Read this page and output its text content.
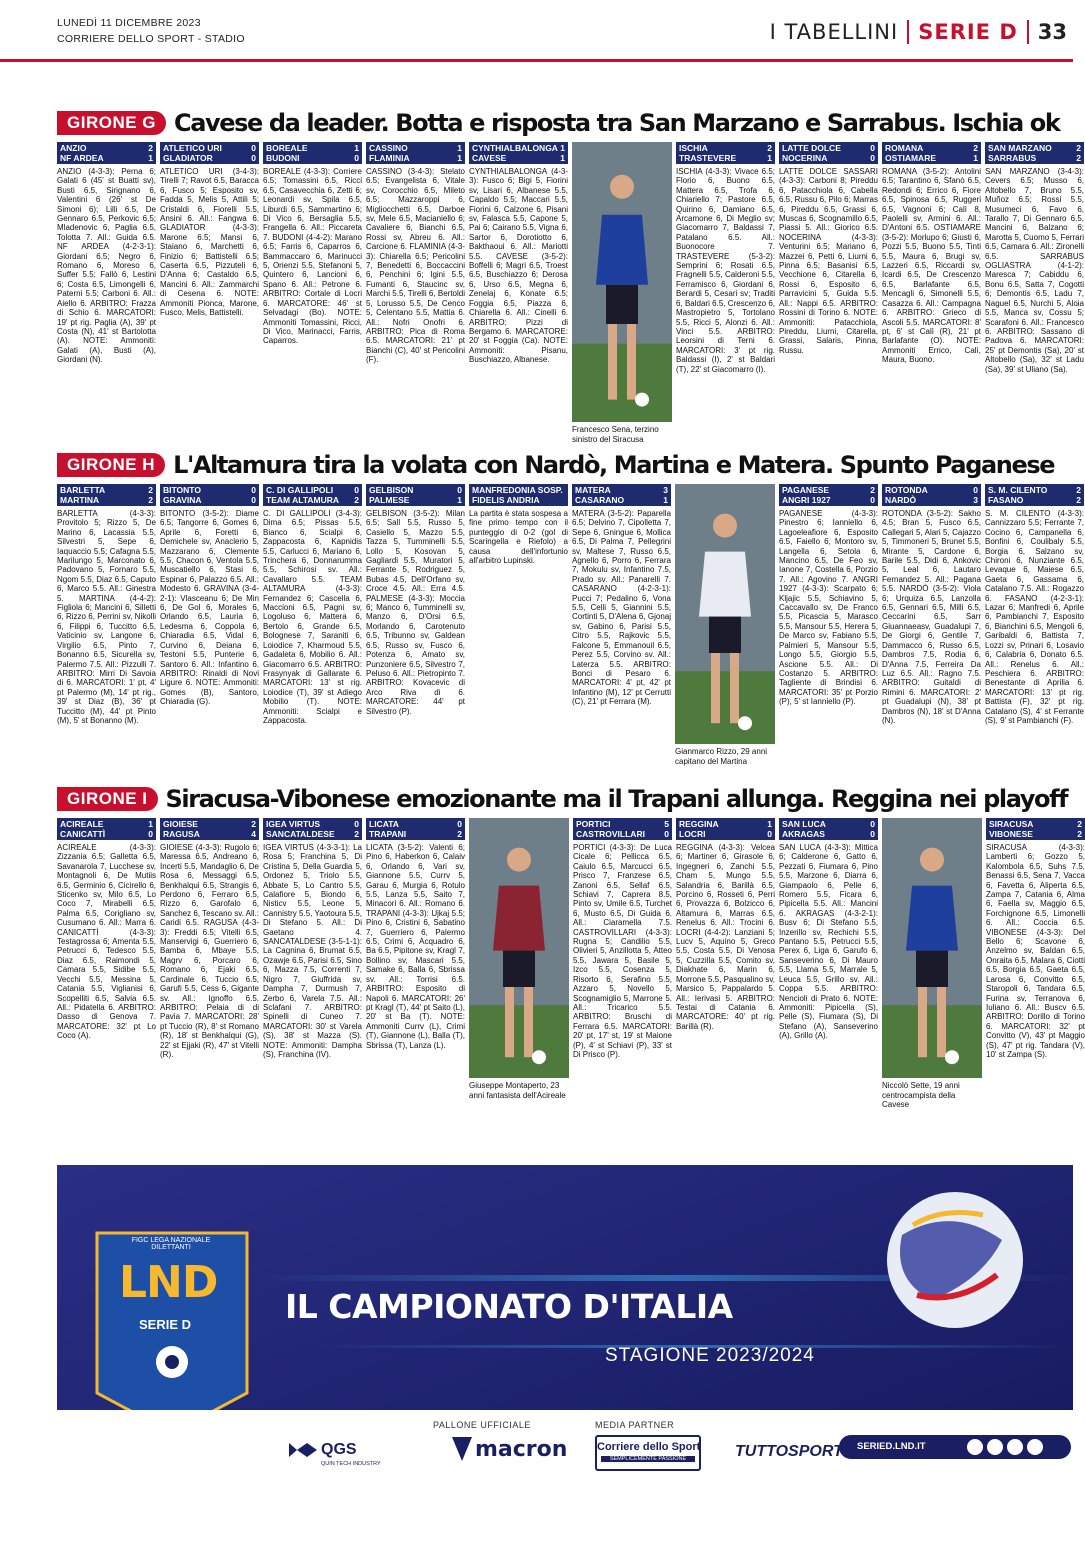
LUNEDÌ 11 DICEMBRE 2023
CORRIERE DELLO SPORT - STADIO	I TABELLINI SERIE D 33
GIRONE G Cavese da leader. Botta e risposta tra San Marzano e Sarrabus. Ischia ok
ANZIO	2
NF ARDEA	1
ANZIO (4-3-3): Perna 6; Galati 6 (45' st Buatti sv), Busti 6.5, Sirignano 6, Valentini 6 (26' st De Simoni 6); Lilli 6.5, De Gennaro 6.5, Perkovic 6.5; Mladenovic 6, Paglia 6.5, Tolotta 7. All.: Guida 6.5. NF ARDEA (4-2-3-1): Giordani 6.5; Negro 6, Romano 6, Moreso 6, Suffer 5.5; Fallò 6, Lestini 6; Costa 6.5, Limongelli 6, Paterni 5.5; Carboni 6. All.: Aiello 6. ARBITRO: Frazza di Schio 6. MARCATORI: 19' pt rig. Paglia (A), 39' pt Costa (N), 41' st Bartolotta (A). NOTE: Ammoniti: Galati (A), Busti (A), Giordani (N).
ATLETICO URI	0
GLADIATOR	0
ATLETICO URI (3-4-3): Tirelli 7; Ravot 6.5, Baracca 6, Fusco 5; Esposito sv, Fadda 5, Melis 5, Attili 5; Cristaldi 6, Fiorelli 5.5, Ansini 6. All.: Fangwa 6. GLADIATOR (4-3-3): Marone 6.5; Mansi 6, Staiano 6, Marchetti 6, Finizio 6; Battistelli 6.5; Caserta 6.5, Pizzuteli 6, D'Anna 6; Castaldo 6.5, Mancini 6. All.: Zammarchi di Cesena 6. NOTE: Ammoniti Pionca, Marone, Fusco, Melis, Battistelli.
BOREALE	1
BUDONI	0
BOREALE (4-3-3): Corriere 6.5; Tomassini 6.5, Ricci 6.5, Casavecchia 6, Zetti 6; Leonardi sv, Spila 6.5, Liburdi 6.5, Sammartino 6; Di Vico 6, Bersaglia 5.5, Frangella 6. All.: Piccareta 7. BUDONI (4-4-2): Marano 6.5; Farris 6, Caparros 6, Bammaccaro 6, Marinucci 5, Orienzi 5.5, Stefanoni 5, Quintero 6, Lancioni 6, Spano 6. All.: Petrone 6. ARBITRO: Cortale di Locri 6. MARCATORE: 46' st Selvadagi (Bo). NOTE: Ammoniti Tomassini, Ricci, Di Vico, Marinacci, Farris, Caparros.
CASSINO	1
FLAMINIA	1
CASSINO (3-4-3): Stelato 6.5; Evangelista 6, Vitale sv, Corocchio 6.5, Mileto 6.5; Mazzaroppi 6, Migliocchetti 6.5, Darboe sv, Mele 6.5, Macianiello 6; Cavaliere 6, Bianchi 6.5, Rossi sv, Abreu 6. All.: Carcione 6. FLAMINIA (4-3-3): Chiarella 6.5; Pericolini 7, Benedetti 6, Boccaccini 6, Penchini 6; Igini 5.5, Fumanti 6, Staucinc sv, Marchi 5.5, Tirelli 6, Bertoldi 5, Lorusso 5.5, De Cenco 5, Celentano 5.5, Mattia 6. All.: Nofri Onofri 6. ARBITRO: Pica di Roma 6.5. MARCATORI: 21' pt Bianchi (C), 40' st Pericolini (F).
CYNTHIALBALONGA 1
CAVESE	1
CYNTHIALBALONGA (4-3-3): Fusco 6; Bigi 5, Fiorini sv, Lisari 6, Albanese 5.5, Capaldo 5.5; Maccari 5.5, Fiorini 6, Calzone 6, Pisani sv, Falasca 5.5, Capone 5, Pai 6; Cairano 5.5, Vigna 6, Sartor 6, Dorotiotto 6, Bakthaoui 6. All.: Mariotti 5.5. CAVESE (3-5-2): Boffelli 6; Magri 6.5, Troest 6.5, Buschiazzo 6; Derosa 6, Urso 6.5, Megna 6, Zenelaj 6, Konate 6.5; Foggia 6.5, Piazza 6, Chiarella 6. All.: Cinelli 6. ARBITRO: Pizzi di Bergamo 6. MARCATORE: 20' st Foggia (Ca). NOTE: Ammoniti: Pisanu, Buschiazzo, Albanese.
Francesco Sena, terzino sinistro del Siracusa
ISCHIA	2
TRASTEVERE	1
ISCHIA (4-3-3): Vivace 6.5; Florio 6, Buono 6.5, Mattera 6.5, Trofa 6, Chiariello 7; Pastore 6.5, Quirino 6, Damiano 6.5, Arcamone 6, Di Meglio sv; Giacomarro 7, Baldassi 7, Patalano 6.5. All.: Buonocore 7. TRASTEVERE (5-3-2): Semprini 6; Rosati 6.5, Fragnelli 5.5, Calderoni 5.5, Ferramisco 6, Giordani 6, Berardi 5, Cesari sv; Traditi 6, Baldari 6.5, Crescenzo 6, Mastropietro 5, Tortolano 5.5, Ricci 5, Alonzi 6. All.: Vinci 5.5. ARBITRO: Leorsini di Terni 6. MARCATORI: 3' pt rig. Baldassi (I), 2' st Baldari (T), 22' st Giacomarro (I).
LATTE DOLCE	0
NOCERINA	0
LATTE DOLCE SASSARI (4-3-3): Carboni 8; Pireddu 6, Patacchiola 6, Cabella 6.5, Russu 6, Pilo 6; Marras 6, Pireddu 6.5, Grassi 6, Muscas 6, Scognamillo 6.5, Piassi 5. All.: Giorico 6.5. NOCERINA (4-3-3): Venturini 6.5; Mariano 6, Mazzei 6, Petti 6, Liurni 6, Pinna 6.5; Basanisi 6.5, Vecchione 6, Citarella 6, Rossi 6, Esposito 6, Parravicini 5, Guida 5.5. All.: Nappi 6.5. ARBITRO: Rossini di Torino 6. NOTE: Ammoniti: Patacchiola, Pireddu, Liurni, Citarella, Grassi, Salaris, Pinna, Russu.
ROMANA	2
OSTIAMARE	1
ROMANA (3-5-2): Antolini 6.5; Tarantino 6, Sfanò 6.5, Redondi 6; Errico 6, Fiore 6.5, Spinosa 6.5, Ruggeri 6.5, Vagnoni 6; Calì 8, Paolelli sv, Armini 6. All.: D'Antoni 6.5. OSTIAMARE (3-5-2): Morlupo 6; Giusti 6, Pozzi 5.5, Buono 5.5, Tinti 5.5, Maura 6, Brugi sv, Lazzeri 6.5, Riccardi sv, Icardi 6.5, De Crescenzo 6.5, Barlafante 6.5, Mencagli 6, Simonelli 5.5, Casazza 6. All.: Campagna 6. ARBITRO: Grieco di Ascoli 5.5. MARCATORI: 8' pt, 6' st Calì (R), 21' pt Barlafante (O). NOTE: Ammoniti Errico, Calì, Maura, Buono.
SAN MARZANO	2
SARRABUS	2
SAN MARZANO (3-4-3): Cevers 6.5; Musso 6, Altobello 7, Bruno 5.5, Muñoz 6.5; Rossi 5.5, Musumeci 6, Favo 6, Tarallo 7, Di Gennaro 6.5, Mancini 6, Balzano 6; Marotta 5, Cuomo 5, Ferrari 6.5, Camara 6. All.: Zironelli 6.5. SARRABUS OGLIASTRA (4-1-2): Maresca 7; Cabiddu 6, Bonu 6.5, Satta 7, Cogotti 6; Demontis 6.5, Ladu 7, Naguel 6.5, Nurchi 5, Aloia 5.5, Manca sv, Cossu 5; Scarafoni 6. All.: Francesco 6. ARBITRO: Sassano di Padova 6. MARCATORI: 25' pt Demontis (Sa), 20' st Altobello (Sa), 32' st Ladu (Sa), 39' st Uliano (Sa).
GIRONE H L'Altamura tira la volata con Nardò, Martina e Matera. Spunto Paganese
BARLETTA	2
MARTINA	2
BARLETTA (4-3-3): Provitolo 5; Rizzo 5, De Marino 6, Lacassia 5.5, Silvestri 5, Sepe 6, Iaquaccio 5.5; Cafagna 5.5, Marilungo 5, Marconato 6, Padovano 5, Fornaro 5.5, Ngom 5.5, Diaz 6.5, Caputo 6, Marco 5.5. All.: Ginestra 5. MARTINA (4-4-2): Figliola 6; Mancini 6, Silletti 6, Rizzo 6, Perrini sv, Nikolli 6, Filippi 6, Tuccitto 6.5, Vaticinio sv, Langone 6, Virgilio 6.5, Pinto 7, Bonanno 6.5, Sicurella sv, Palermo 7.5. All.: Pizzulli 7. ARBITRO: Mirri Di Savoia di 6. MARCATORI: 1' pt, 4' pt Palermo (M), 14' pt rig., 39' st Diaz (B), 36' pt Tuccitto (M), 44' pt Pinto (M), 5' st Bonanno (M).
BITONTO	0
GRAVINA	0
BITONTO (3-5-2): Diame 6.5; Tangorre 6, Gomes 6, Aprile 6, Foretti 6, Demichele sv, Anaclerio 5, Mazzarano 6, Clemente 5.5, Chacon 6, Ventola 5.5, Muscatiello 6, Stasi 6, Espinar 6, Palazzo 6.5. All.: Modesto 6. GRAVINA (3-4-2-1): Vlasceanu 6; De Min 6, De Gol 6, Morales 6, Orlando 6.5, Lauria 6, Ledesma 6, Coppola 6, Chiaradia 6.5, Vidal 6, Curvino 6, Deiana 6, Testoni 5.5, Punterie 6, Santoro 6. All.: Infantino 6. ARBITRO: Rinaldi di Novi Ligure 6. NOTE: Ammoniti: Gomes (B), Santoro, Chiaradia (G).
C. DI GALLIPOLI 0
TEAM ALTAMURA 2
C. DI GALLIPOLI (3-4-3): Dima 6.5; Pissas 5.5, Bianco 6, Scialpi 6, Zappacosta 6, Kapnidis 5.5, Carlucci 6, Mariano 6, Trinchera 6, Donnarumma 5.5, Schirosi sv. All.: Cavallaro 5.5. TEAM ALTAMURA (4-3-3): Fernandez 6; Cascella 6, Maccioni 6.5, Pagni sv, Logoluso 6, Mattera 6, Bertolo 6, Grande 6.5, Bolognese 7, Saraniti 6, Loiodice 7, Kharmoud 5.5, Gadaleta 6, Mobilio 6. All.: Giacomarro 6.5. ARBITRO: Frasynyak di Gallarate 6. MARCATORI: 13' st rig. Loiodice (T), 39' st Adiego Mobilio (T). NOTE: Ammoniti: Scialpi e Zappacosta.
GELBISON	0
PALMESE	1
GELBISON (3-5-2): Milan 6.5; Sall 5.5, Russo 5, Casiello 5, Mazzo 5.5, Tazza 5, Tumminelli 5.5, Lollo 5, Kosovan 5, Gagliardi 5.5, Muratori 5, Ferrante 5, Rodriguez 5, Bubas 4.5, Dell'Orfano sv, Croce 4.5. All.: Erra 4.5. PALMESE (4-3-3): Moccia 6; Manco 6, Tumminelli sv, Manzo 6, D'Orsi 6.5, Morlando 6, Carotenuto 6.5, Tribunno sv, Galdean 6.5, Russo sv, Fusco 6, Potenza 6, Amato sv, Punzoniere 6.5, Silvestro 7, Peluso 6. All.: Pietropinto 7. ARBITRO: Kovacevic di Arco Riva di 6. MARCATORE: 44' pt Silvestro (P).
MANFREDONIA SOSP.
FIDELIS ANDRIA
La partita è stata sospesa a fine primo tempo con il punteggio di 0-2 (gol di Scaringella e Riefolo) a causa dell'infortunio all'arbitro Lupinski.
MATERA	3
CASARANO	1
MATERA (3-5-2): Paparella 6.5; Delvino 7, Cipolletta 7, Sepe 6, Gningue 6, Mollica 6.5, Di Palma 7, Pellegrini sv, Maltese 7, Russo 6.5, Agnello 6, Porro 6, Ferrara 7, Mokulu sv, Infantino 7.5, Prado sv. All.: Panarelli 7. CASARANO (4-2-3-1): Pucci 7; Pedalino 6, Vona 5.5, Celli 5, Giannini 5.5, Cortinti 5, D'Alena 6, Gjonaj sv, Gabino 6, Parisi 5.5, Citro 5.5, Rajkovic 5.5, Falcone 5, Emmanouil 6.5, Perez 5.5, Corvino sv. All.: Laterza 5.5. ARBITRO: Bonci di Pesaro 6. MARCATORI: 4' pt, 42' pt Infantino (M), 12' pt Cerrutti (C), 21' pt Ferrara (M).
Gianmarco Rizzo, 29 anni capitano del Martina
PAGANESE	2
ANGRI 1927	0
PAGANESE (4-3-3): Pinestro 6; Ianniello 6, Lagoeleafiore 6, Esposito 6.5, Faiello 6, Montoro sv, Langella 6, Setola 6, Mancino 6.5, De Feo sv, Ianone 7, Costella 6, Porzio 7. All.: Agovino 7. ANGRI 1927 (4-3-3): Scarpato 6; Kljajic 5.5, Schiavino 5, Caccavallo sv, De Franco 5.5, Picascia 5, Marasco 5.5, Mansour 5.5, Herera 5, De Marco sv, Fabiano 5.5, Palmieri 5, Mansour 5.5, Longo 5.5, Giorgio 5.5, Ascione 5.5. All.: Di Costanzo 5. ARBITRO: Tagliente di Brindisi 6. MARCATORI: 35' pt Porzio (P), 5' st Ianniello (P).
ROTONDA	0
NARDÒ	3
ROTONDA (3-5-2): Sakho 4.5; Bran 5, Fusco 6.5, Callegari 5, Alari 5, Cajazzo 5, Timmoneri 5, Brunet 5.5, Mirante 5, Cardone 6, Barile 5.5, Didi 6, Ankovic 5, Leal 6, Lautaro Fernandez 5. All.: Pagana 5.5. NARDÒ (3-5-2): Viola 6; Urquiza 6.5, Lanzolla 6.5, Gennari 6.5, Milli 6.5, Ceccarini 6.5, Sarr Giuannaeasv, Guadalupi 7, De Giorgi 6, Gentile 7, Dammacco 6, Russo 6.5, Dambros 7.5, Rodia 6, D'Anna 7.5, Ferreira Da Luz 6.5. All.: Ragno 7.5. ARBITRO: Guitaldi di Rimini 6. MARCATORI: 2' pt Guadalupi (N), 38' pt Dambros (N), 18' st D'Anna (N).
S. M. CILENTO	2
FASANO	2
S. M. CILENTO (4-3-3): Cannizzaro 5.5; Ferrante 7, Cocino 6, Campanella 6, Bonfini 6, Coulibaly 5.5, Borgia 6, Salzano sv, Chironi 6, Nunziante 6.5, Levaque 6, Maiese 6.5, Gaeta 6, Gassama 6, Catalano 7.5. All.: Rogazzo 6. FASANO (4-2-3-1): Lazar 6; Manfredi 6, Aprile 6, Pambianchi 7, Esposito 6, Bianchini 6.5, Mengoli 6, Garibaldi 6, Battista 7, Lozzi sv, Prinari 6, Losavio 6, Calabria 6, Donato 6.5. All.: Renelus 6. All.: Peschiera 6. ARBITRO: Benestante di Aprilia 6. MARCATORI: 13' pt rig. Battista (F), 32' pt rig. Catalano (S), 4' st Ferrante (S), 9' st Pambianchi (F).
GIRONE I Siracusa-Vibonese emozionante ma il Trapani allunga. Reggina nei playoff
ACIREALE	1
CANICATTÌ	0
ACIREALE (4-3-3): Zizzania 6.5; Galletta 6.5, Savanarola 7, Lucchese sv, Montagnoli 6, De Mutiis 6.5, Germinio 6, Cicirello 6, Sticenko sv, Milo 6.5, Lo Coco 7, Mirabelli 6.5, Palma 6.5, Corigliano sv, Cusumano 6. All.: Marra 6. CANICATTÌ (4-3-3): Testagrossa 6; Amenta 5.5, Petrucci 6, Tedesco 5.5, Diaz 6.5, Raimondi 5, Camara 5.5, Sidibe 5.5, Vecchi 5.5, Messina 5, Catania 5.5, Viglianisi 6, Scopelliti 6.5, Salvia 6.5. All.: Pidatella 6. ARBITRO: Dasso di Genova 7. MARCATORE: 32' pt Lo Coco (A).
GIOIESE	2
RAGUSA	4
GIOIESE (4-3-3): Rugolo 6; Maressa 6.5, Andreano 6, Incerti 5.5, Mandaglio 6, De Rosa 6, Messaggi 6.5, Benkhalqui 6.5, Strangis 6, Perdono 6, Ferraro 6.5, Rizzo 6, Garofalo 6, Sanchez 6, Tescano sv. All.: Caridi 6.5. RAGUSA (4-3-3): Freddi 6.5; Vitelli 6.5, Manservigi 6, Guerriero 6, Bamba 6, Mbaye 5.5, Magrv 6, Porcaro 6, Romano 6, Ejaki 6.5, Cardinale 6, Tuccio 6.5, Garufi 5.5, Cess 6, Gigante sv. All.: Ignoffo 6.5. ARBITRO: Pelaia di di Pavia 7. MARCATORI: 28' pt Tuccio (R), 8' st Romano (R), 18' st Benkhalqui (G), 22' st Ejjaki (R), 47' st Vitelli (R).
IGEA VIRTUS	0
SANCATALDESE 2
IGEA VIRTUS (4-3-3-1): La Rosa 5; Franchina 5, Di Cristina 5, Della Guardia 5, Ordonez 5, Triolo 5.5, Abbate 5, Lo Cantro 5.5, Calafiore 5, Biondo 6, Nisticv 5.5, Leone 5, Cannistry 5.5, Yaotoura 5.5, Di Stefano 5. All.: Di Gaetano 4. SANCATALDESE (3-5-1-1): La Cagnina 6, Brumat 6.5, Ozawje 6.5, Parisi 6.5, Sino 6, Mazza 7.5, Correnti 7, Nigro 7, Giuffrida sv, Dampha 7, Durmush 7, Zerbo 6, Varela 7.5. All.: Sclafani 7. ARBITRO: Spinelli di Cuneo 7. MARCATORI: 30' st Varela (S), 38' st Mazza (S). NOTE: Ammoniti: Dampha (S), Franchina (IV).
LICATA	0
TRAPANI	2
LICATA (3-5-2): Valenti 6; Pino 6, Haberkon 6, Calaiv 6, Orlando 6, Vari sv, Giannone 5.5, Currv 5, Garau 6, Murgia 6, Rotulo 5.5, Lanza 5.5, Saito 7, Minacori 6. All.: Romano 6. TRAPANI (4-3-3): Ujkaj 5.5; Pino 6, Cristini 6, Sabatino 7, Guerriero 6, Palermo 6.5, Crimi 6, Acquadro 6, Ba 6.5, Pipitone sv, Kragl 7, Bollino sv, Mascari 5.5, Samake 6, Balla 6, Sbrissa sv. All.: Torrisi 6.5. ARBITRO: Esposito di Napoli 6. MARCATORI: 26' pt Kragl (T), 44' pt Saito (L), 20' st Ba (T). NOTE: Ammoniti Currv (L), Crimi (T), Giannone (L), Balla (T), Sbrissa (T), Lanza (L).
Giuseppe Montaperto, 23 anni fantasista dell'Acireale
PORTICI	5
CASTROVILLARI 0
PORTICI (4-3-3): De Luca Cicale 6; Pellicca 6.5, Caiulo 6.5, Marcucci 6.5, Prisco 7, Franzese 6.5, Zanoni 6.5, Sellaf 6.5, Schiavi 7, Caprera 8.5, Pinto sv, Umile 6.5, Turchet 6, Musto 6.5, Di Guida 6. All.: Ciaramella 7.5. CASTROVILLARI (4-3-3): Rugna 5; Candilio 5.5, Olivieri 5, Anzillotta 5, Atteo 5.5, Jawara 5, Basile 5, Izco 5.5, Cosenza 5, Risorto 6, Serafino 5.5, Azzaro 5, Novello 5, Scognamiglio 5, Marrone 5. All.: Tricarico 5.5. ARBITRO: Bruschi di Ferrara 6.5. MARCATORI: 20' pt, 17' st, 19' st Maione (P), 4' st Schiavi (P), 33' st Di Prisco (P).
REGGINA	1
LOCRI	0
REGGINA (4-3-3): Velcea 6; Martiner 6, Girasole 6, Ingegneri 6, Zanchi 5.5, Cham 5, Mungo 5.5, Salandria 6, Barillà 6.5, Porcino 6, Rosseti 6, Perri 6, Provazza 6, Bolzicco 6, Altamura 6, Marras 6.5, Renelus 6. All.: Trocini 6. LOCRI (4-4-2): Lanziani 5; Lucv 5, Aquino 5, Greco 5.5, Costa 5.5, Di Venosa 5, Cuzzilla 5.5, Comito sv, Diakhate 6, Marin 6, Morrone 5.5, Pasqualino sv, Marsico 5, Pappalardo 5. All.: Ierivasi 5. ARBITRO: Testai di Catania 6. MARCATORE: 40' pt rig. Barillà (R).
SAN LUCA	0
AKRAGAS	0
SAN LUCA (4-3-3): Mittica 6; Calderone 6, Gatto 6, Pezzati 6, Fiumara 6, Pino 5.5, Marzone 6, Diarra 6, Giampaolo 6, Pelle 6, Romero 5.5, Ficara 6, Pipicella 5.5. All.: Mancini 6. AKRAGAS (4-3-2-1): Busv 6; Di Stefano 5.5, Inzerillo sv, Rechichi 5.5, Pantano 5.5, Petrucci 5.5, Perex 6, Liga 6, Garufo 6, Sanseverino 6, Di Mauro 5.5, Llama 5.5, Marrale 5, Leuca 5.5, Grillo sv. All.: Coppa 5.5. ARBITRO: Nencioli di Prato 6. NOTE: Ammoniti: Pipicella (S), Pelle (S), Fiumara (S), Di Stefano (A), Sanseverino (A), Grillo (A).
Niccolò Sette, 19 anni centrocampista della Cavese
SIRACUSA	2
VIBONESE	2
SIRACUSA (4-3-3): Lamberti 6; Gozzo 5, Kalombola 6.5, Suhs 7.5, Benassi 6.5, Sena 7, Vacca 6, Favetta 6, Aliperta 6.5, Zampa 7, Catania 6, Alma 6, Faella sv, Maggio 6.5, Forchignone 6.5, Limonelli 6. All.: Coccia 6.5. VIBONESE (4-3-3): Del Bello 6; Scavone 6, Anzelmo sv, Baldan 6.5, Onraita 6.5, Malara 6, Ciotti 6.5, Borgia 6.5, Gaeta 6.5, Larosa 6, Convitto 6.5, Staropoli 6, Tandara 6.5, Furina sv, Terranova 6, Iuliano 6. All.: Buscv 6.5. ARBITRO: Dorillo di Torino 6. MARCATORI: 32' pt Convitto (V), 43' pt Maggio (S), 47' pt rig. Tandara (V), 10' st Zampa (S).
FIGC LEGA NAZIONALE DILETTANTI
LND
SERIE D	IL CAMPIONATO D'ITALIA
STAGIONE 2023/2024
PALLONE UFFICIALE	MEDIA PARTNER
QGS
QUIN TECH INDUSTRY
macron	Corriere dello Sport
SEMPLICEMENTE PASSIONE	TUTTOSPORT SERIED.LND.IT
